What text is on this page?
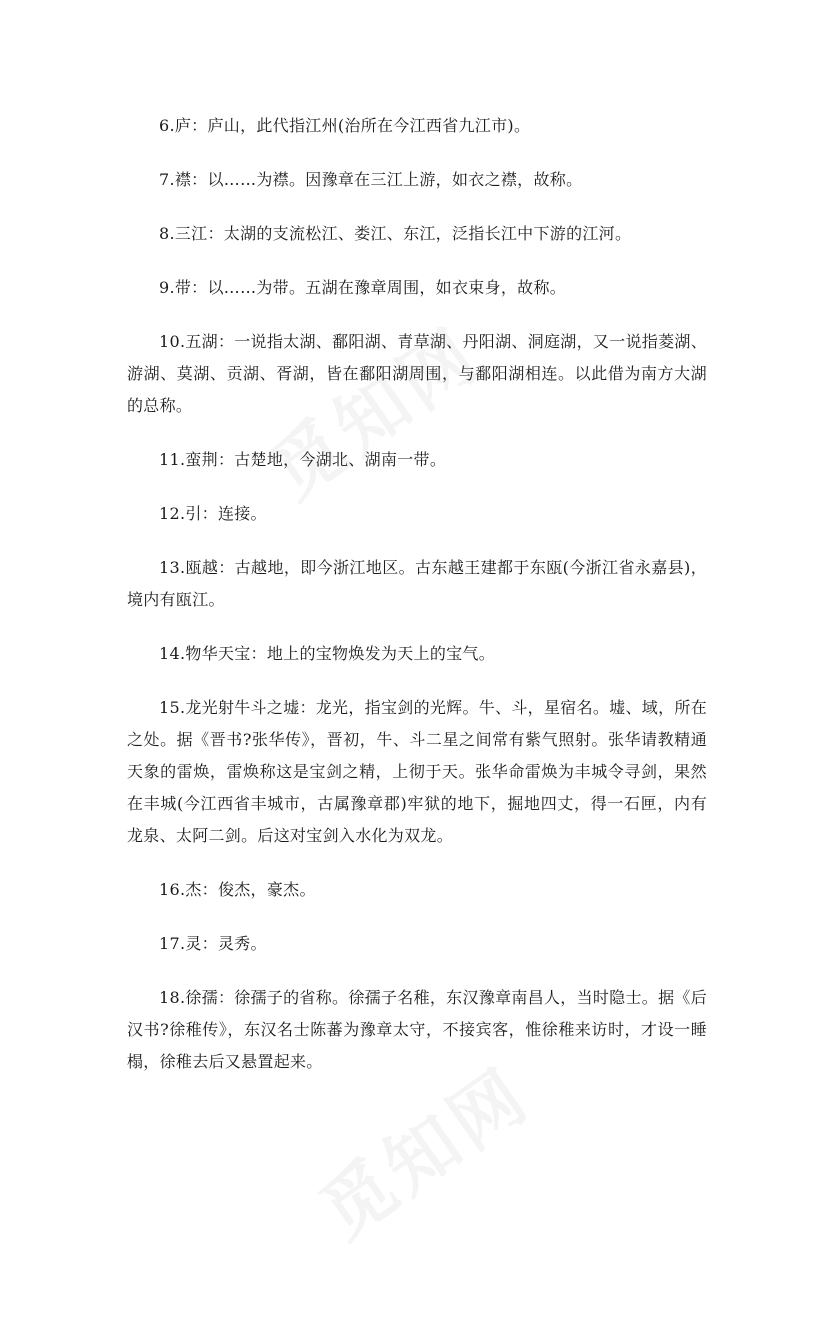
6.庐：庐山，此代指江州(治所在今江西省九江市)。

7.襟：以……为襟。因豫章在三江上游，如衣之襟，故称。

8.三江：太湖的支流松江、娄江、东江，泛指长江中下游的江河。

9.带：以……为带。五湖在豫章周围，如衣束身，故称。

10.五湖：一说指太湖、鄱阳湖、青草湖、丹阳湖、洞庭湖，又一说指菱湖、游湖、莫湖、贡湖、胥湖，皆在鄱阳湖周围，与鄱阳湖相连。以此借为南方大湖的总称。

11.蛮荆：古楚地，今湖北、湖南一带。

12.引：连接。

13.瓯越：古越地，即今浙江地区。古东越王建都于东瓯(今浙江省永嘉县)，境内有瓯江。

14.物华天宝：地上的宝物焕发为天上的宝气。

15.龙光射牛斗之墟：龙光，指宝剑的光辉。牛、斗，星宿名。墟、域，所在之处。据《晋书?张华传》，晋初，牛、斗二星之间常有紫气照射。张华请教精通天象的雷焕，雷焕称这是宝剑之精，上彻于天。张华命雷焕为丰城令寻剑，果然在丰城(今江西省丰城市，古属豫章郡)牢狱的地下，掘地四丈，得一石匣，内有龙泉、太阿二剑。后这对宝剑入水化为双龙。

16.杰：俊杰，豪杰。

17.灵：灵秀。

18.徐孺：徐孺子的省称。徐孺子名稚，东汉豫章南昌人，当时隐士。据《后汉书?徐稚传》，东汉名士陈蕃为豫章太守，不接宾客，惟徐稚来访时，才设一睡榻，徐稚去后又悬置起来。
